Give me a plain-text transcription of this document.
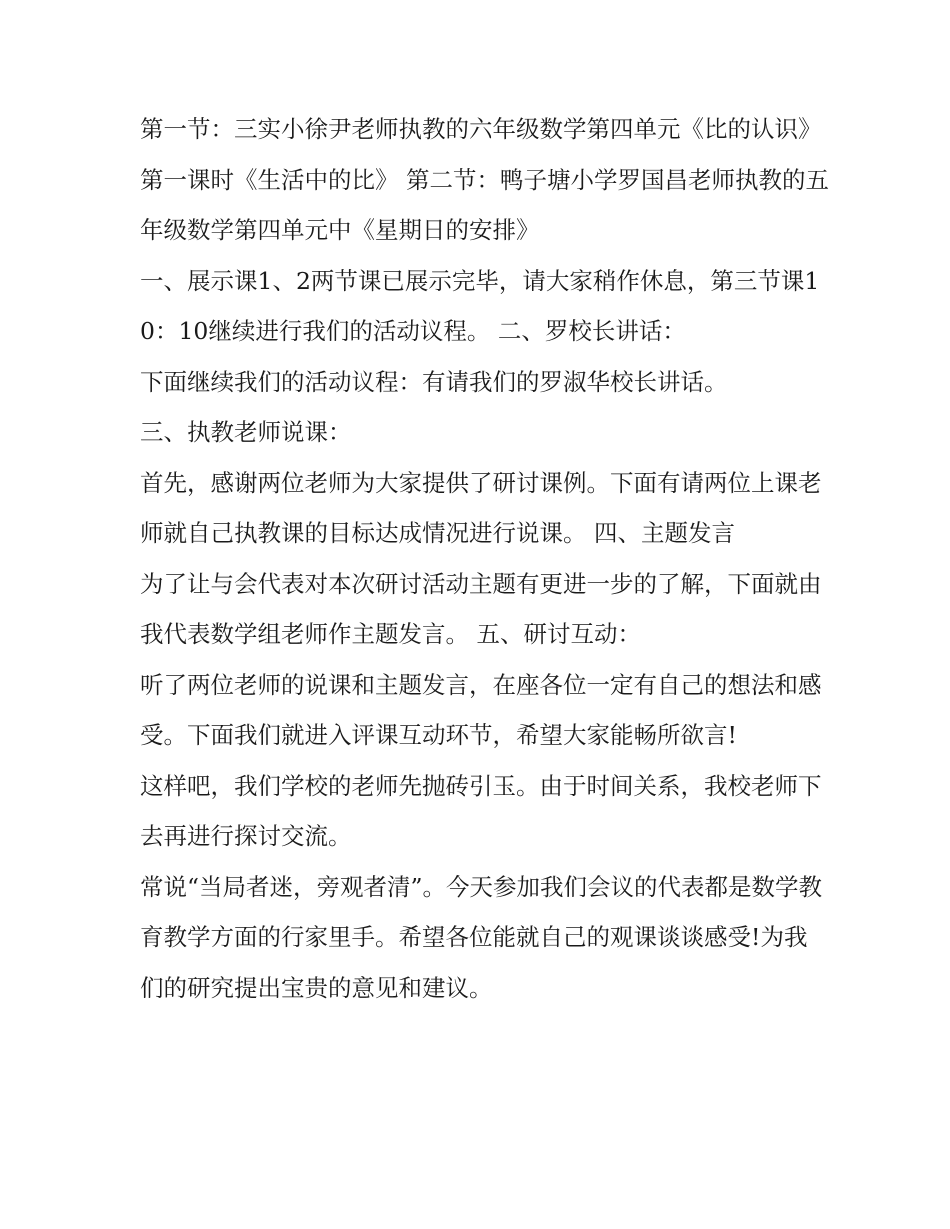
第一节：三实小徐尹老师执教的六年级数学第四单元《比的认识》第一课时《生活中的比》 第二节：鸭子塘小学罗国昌老师执教的五年级数学第四单元中《星期日的安排》

一、展示课1、2两节课已展示完毕，请大家稍作休息，第三节课10：10继续进行我们的活动议程。 二、罗校长讲话：

下面继续我们的活动议程：有请我们的罗淑华校长讲话。

三、执教老师说课：

首先，感谢两位老师为大家提供了研讨课例。下面有请两位上课老师就自己执教课的目标达成情况进行说课。 四、主题发言

为了让与会代表对本次研讨活动主题有更进一步的了解，下面就由我代表数学组老师作主题发言。 五、研讨互动：

听了两位老师的说课和主题发言，在座各位一定有自己的想法和感受。下面我们就进入评课互动环节，希望大家能畅所欲言!

这样吧，我们学校的老师先抛砖引玉。由于时间关系，我校老师下去再进行探讨交流。

常说“当局者迷，旁观者清”。今天参加我们会议的代表都是数学教育教学方面的行家里手。希望各位能就自己的观课谈谈感受!为我们的研究提出宝贵的意见和建议。
